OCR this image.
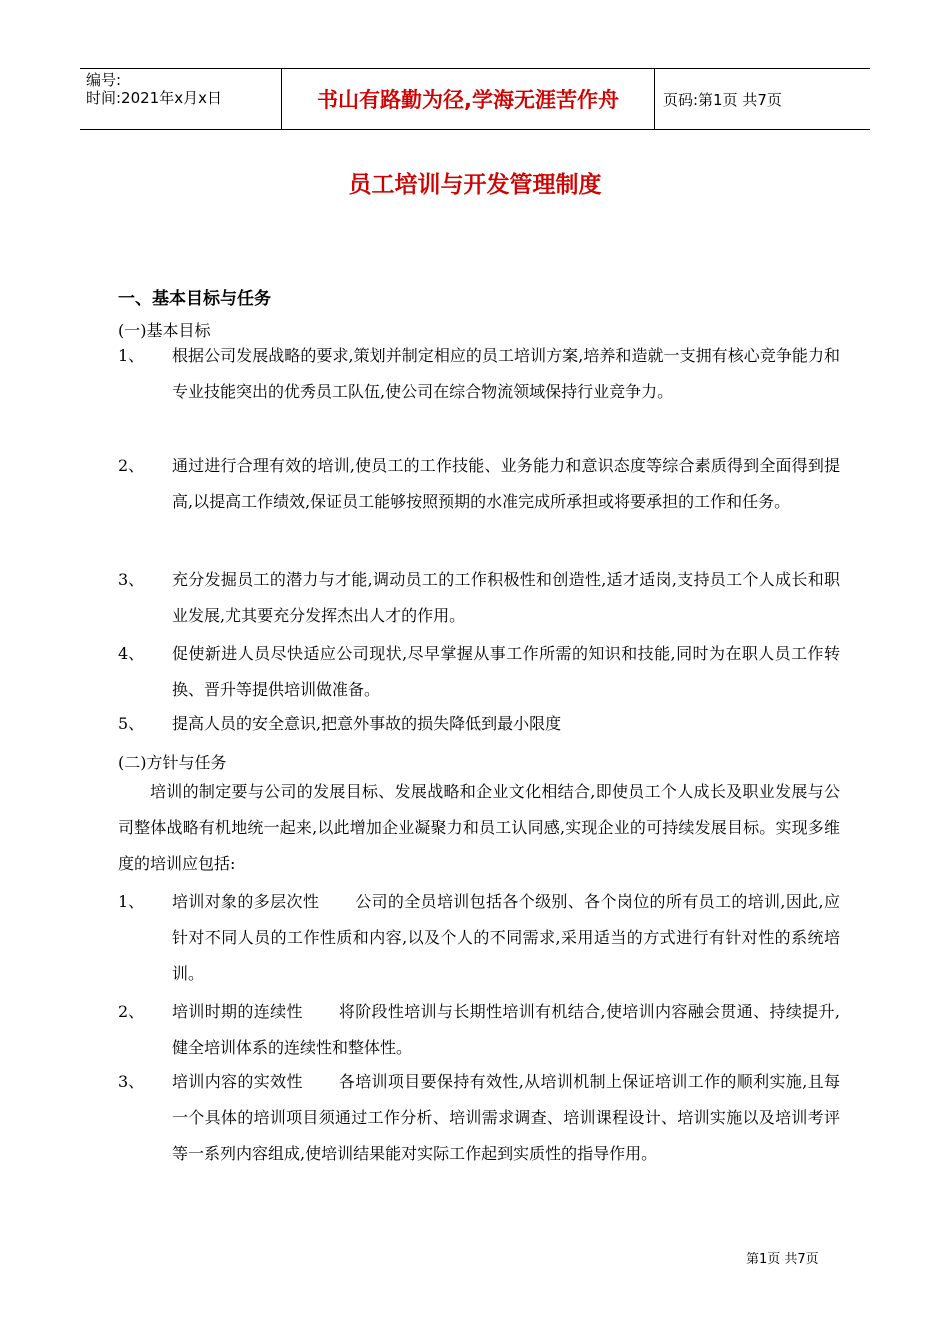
编号:
时间:2021年x月x日	书山有路勤为径,学海无涯苦作舟	页码:第1页 共7页
员工培训与开发管理制度
一、基本目标与任务
(一)基本目标
1、 根据公司发展战略的要求,策划并制定相应的员工培训方案,培养和造就一支拥有核心竞争能力和专业技能突出的优秀员工队伍,使公司在综合物流领域保持行业竞争力。
2、 通过进行合理有效的培训,使员工的工作技能、业务能力和意识态度等综合素质得到全面得到提高,以提高工作绩效,保证员工能够按照预期的水准完成所承担或将要承担的工作和任务。
3、 充分发掘员工的潜力与才能,调动员工的工作积极性和创造性,适才适岗,支持员工个人成长和职业发展,尤其要充分发挥杰出人才的作用。
4、 促使新进人员尽快适应公司现状,尽早掌握从事工作所需的知识和技能,同时为在职人员工作转换、晋升等提供培训做准备。
5、 提高人员的安全意识,把意外事故的损失降低到最小限度
(二)方针与任务
培训的制定要与公司的发展目标、发展战略和企业文化相结合,即使员工个人成长及职业发展与公司整体战略有机地统一起来,以此增加企业凝聚力和员工认同感,实现企业的可持续发展目标。实现多维度的培训应包括:
1、 培训对象的多层次性 公司的全员培训包括各个级别、各个岗位的所有员工的培训,因此,应针对不同人员的工作性质和内容,以及个人的不同需求,采用适当的方式进行有针对性的系统培训。
2、 培训时期的连续性 将阶段性培训与长期性培训有机结合,使培训内容融会贯通、持续提升,健全培训体系的连续性和整体性。
3、 培训内容的实效性 各培训项目要保持有效性,从培训机制上保证培训工作的顺利实施,且每一个具体的培训项目须通过工作分析、培训需求调查、培训课程设计、培训实施以及培训考评等一系列内容组成,使培训结果能对实际工作起到实质性的指导作用。
第1页 共7页
